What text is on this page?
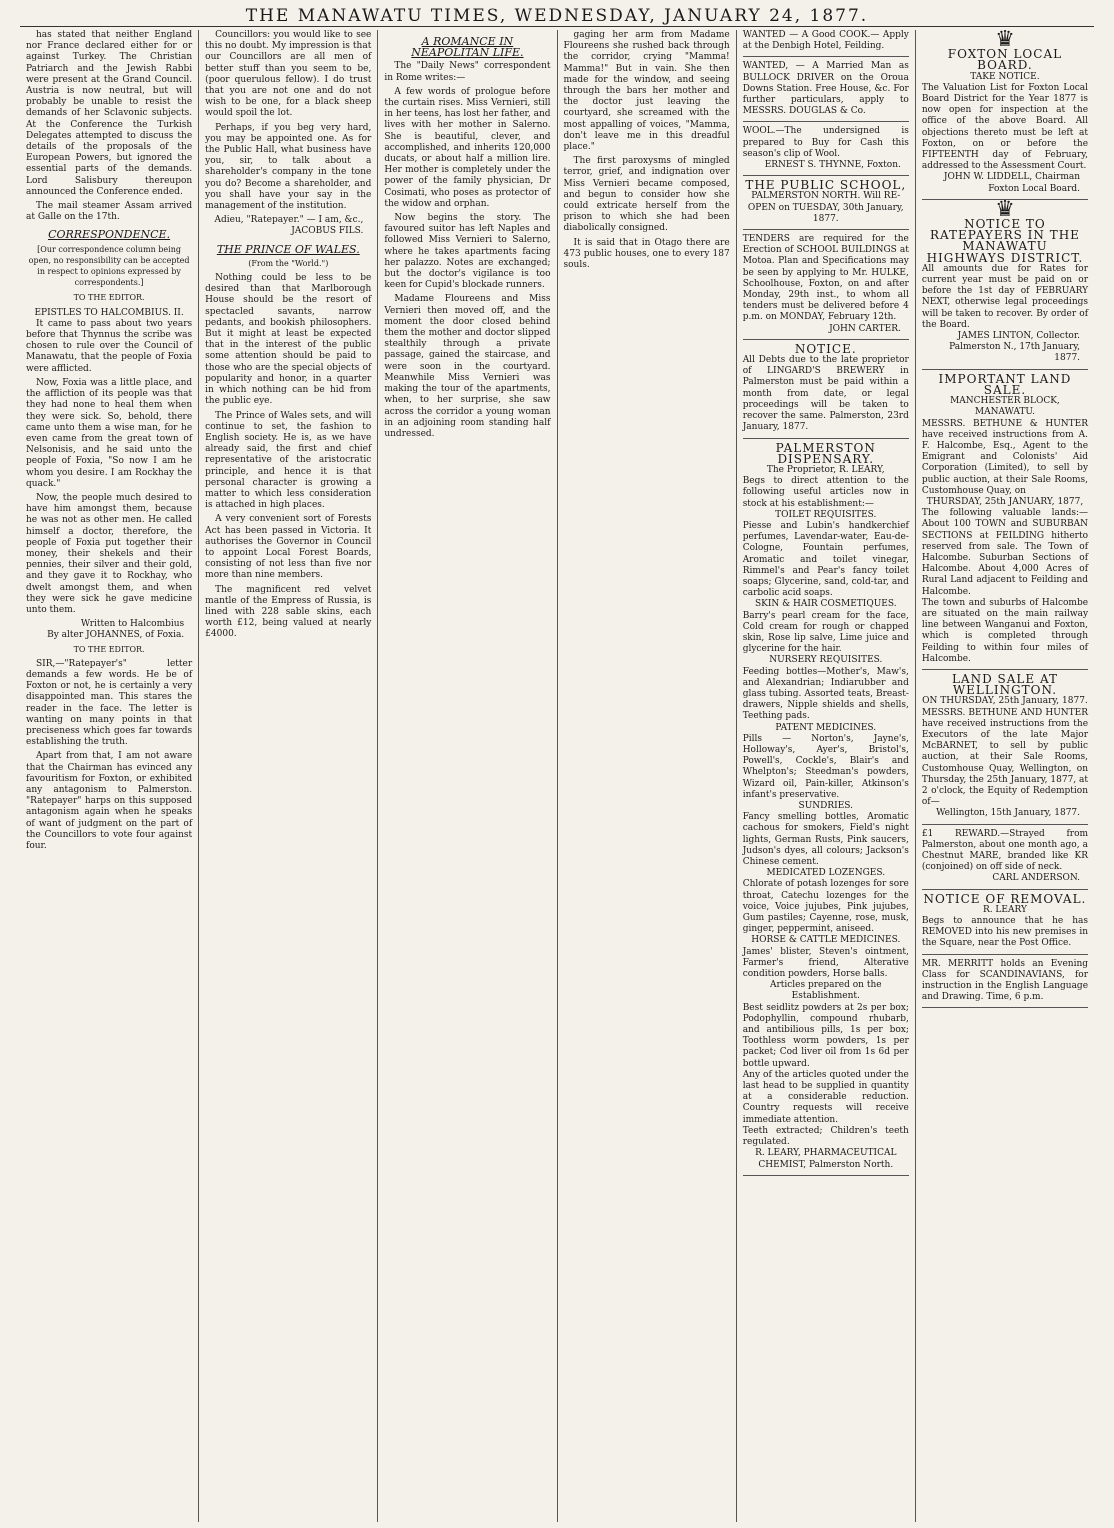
THE MANAWATU TIMES, WEDNESDAY, JANUARY 24, 1877.

has stated that neither England nor France declared either for or against Turkey. The Christian Patriarch and the Jewish Rabbi were present at the Grand Council. Austria is now neutral, but will probably be unable to resist the demands of her Sclavonic subjects. At the Conference the Turkish Delegates attempted to discuss the details of the proposals of the European Powers, but ignored the essential parts of the demands. Lord Salisbury thereupon announced the Conference ended.

The mail steamer Assam arrived at Galle on the 17th.

CORRESPONDENCE.
[Our correspondence column being open, no responsibility can be accepted in respect to opinions expressed by correspondents.]
TO THE EDITOR.
EPISTLES TO HALCOMBIUS. II.

It came to pass about two years before that Thynnus the scribe was chosen to rule over the Council of Manawatu, that the people of Foxia were afflicted.

Now, Foxia was a little place, and the affliction of its people was that they had none to heal them when they were sick. So, behold, there came unto them a wise man, for he even came from the great town of Nelsonisis, and he said unto the people of Foxia, "So now I am he whom you desire. I am Rockhay the quack."

Now, the people much desired to have him amongst them, because he was not as other men. He called himself a doctor, therefore, the people of Foxia put together their money, their shekels and their pennies, their silver and their gold, and they gave it to Rockhay, who dwelt amongst them, and when they were sick he gave medicine unto them.

Written to Halcombius
By alter JOHANNES, of Foxia.
TO THE EDITOR.

SIR,—"Ratepayer's" letter demands a few words. He be of Foxton or not, he is certainly a very disappointed man. This stares the reader in the face. The letter is wanting on many points in that preciseness which goes far towards establishing the truth.

Apart from that, I am not aware that the Chairman has evinced any favouritism for Foxton, or exhibited any antagonism to Palmerston. "Ratepayer" harps on this supposed antagonism again when he speaks of want of judgment on the part of the Councillors to vote four against four.

Councillors: you would like to see this no doubt. My impression is that our Councillors are all men of better stuff than you seem to be, (poor querulous fellow). I do trust that you are not one and do not wish to be one, for a black sheep would spoil the lot.

Perhaps, if you beg very hard, you may be appointed one. As for the Public Hall, what business have you, sir, to talk about a shareholder's company in the tone you do? Become a shareholder, and you shall have your say in the management of the institution.

Adieu, "Ratepayer." — I am, &c., JACOBUS FILS.
THE PRINCE OF WALES.
(From the "World.")

Nothing could be less to be desired than that Marlborough House should be the resort of spectacled savants, narrow pedants, and bookish philosophers. But it might at least be expected that in the interest of the public some attention should be paid to those who are the special objects of popularity and honor, in a quarter in which nothing can be hid from the public eye.

The Prince of Wales sets, and will continue to set, the fashion to English society. He is, as we have already said, the first and chief representative of the aristocratic principle, and hence it is that personal character is growing a matter to which less consideration is attached in high places.

A very convenient sort of Forests Act has been passed in Victoria. It authorises the Governor in Council to appoint Local Forest Boards, consisting of not less than five nor more than nine members.

The magnificent red velvet mantle of the Empress of Russia, is lined with 228 sable skins, each worth £12, being valued at nearly £4000.

A ROMANCE IN NEAPOLITAN LIFE.

The "Daily News" correspondent in Rome writes:—

A few words of prologue before the curtain rises. Miss Vernieri, still in her teens, has lost her father, and lives with her mother in Salerno. She is beautiful, clever, and accomplished, and inherits 120,000 ducats, or about half a million lire. Her mother is completely under the power of the family physician, Dr Cosimati, who poses as protector of the widow and orphan.

Now begins the story. The favoured suitor has left Naples and followed Miss Vernieri to Salerno, where he takes apartments facing her palazzo. Notes are exchanged; but the doctor's vigilance is too keen for Cupid's blockade runners.

Madame Floureens and Miss Vernieri then moved off, and the moment the door closed behind them the mother and doctor slipped stealthily through a private passage, gained the staircase, and were soon in the courtyard. Meanwhile Miss Vernieri was making the tour of the apartments, when, to her surprise, she saw across the corridor a young woman in an adjoining room standing half undressed.

gaging her arm from Madame Floureens she rushed back through the corridor, crying "Mamma! Mamma!" But in vain. She then made for the window, and seeing through the bars her mother and the doctor just leaving the courtyard, she screamed with the most appalling of voices, "Mamma, don't leave me in this dreadful place."

The first paroxysms of mingled terror, grief, and indignation over Miss Vernieri became composed, and begun to consider how she could extricate herself from the prison to which she had been diabolically consigned.

It is said that in Otago there are 473 public houses, one to every 187 souls.

WANTED — A Good COOK.— Apply at the Denbigh Hotel, Feilding.
WANTED, — A Married Man as BULLOCK DRIVER on the Oroua Downs Station. Free House, &c. For further particulars, apply to MESSRS. DOUGLAS & Co.
WOOL.—The undersigned is prepared to Buy for Cash this season's clip of Wool.
ERNEST S. THYNNE, Foxton.
THE PUBLIC SCHOOL,
PALMERSTON NORTH. Will RE-OPEN on TUESDAY, 30th January, 1877.
TENDERS are required for the Erection of SCHOOL BUILDINGS at Motoa. Plan and Specifications may be seen by applying to Mr. HULKE, Schoolhouse, Foxton, on and after Monday, 29th inst., to whom all tenders must be delivered before 4 p.m. on MONDAY, February 12th.
JOHN CARTER.
NOTICE.
All Debts due to the late proprietor of LINGARD'S BREWERY in Palmerston must be paid within a month from date, or legal proceedings will be taken to recover the same. Palmerston, 23rd January, 1877.
PALMERSTON DISPENSARY.
The Proprietor, R. LEARY,
Begs to direct attention to the following useful articles now in stock at his establishment:—
TOILET REQUISITES.
Piesse and Lubin's handkerchief perfumes, Lavendar-water, Eau-de-Cologne, Fountain perfumes, Aromatic and toilet vinegar, Rimmel's and Pear's fancy toilet soaps; Glycerine, sand, cold-tar, and carbolic acid soaps.
SKIN & HAIR COSMETIQUES.
Barry's pearl cream for the face, Cold cream for rough or chapped skin, Rose lip salve, Lime juice and glycerine for the hair.
NURSERY REQUISITES.
Feeding bottles—Mother's, Maw's, and Alexandrian; Indiarubber and glass tubing. Assorted teats, Breast-drawers, Nipple shields and shells, Teething pads.
PATENT MEDICINES.
Pills — Norton's, Jayne's, Holloway's, Ayer's, Bristol's, Powell's, Cockle's, Blair's and Whelpton's; Steedman's powders, Wizard oil, Pain-killer, Atkinson's infant's preservative.
SUNDRIES.
Fancy smelling bottles, Aromatic cachous for smokers, Field's night lights, German Rusts, Pink saucers, Judson's dyes, all colours; Jackson's Chinese cement.
MEDICATED LOZENGES.
Chlorate of potash lozenges for sore throat, Catechu lozenges for the voice, Voice jujubes, Pink jujubes, Gum pastiles; Cayenne, rose, musk, ginger, peppermint, aniseed.
HORSE & CATTLE MEDICINES.
James' blister, Steven's ointment, Farmer's friend, Alterative condition powders, Horse balls.
Articles prepared on the Establishment.
Best seidlitz powders at 2s per box; Podophyllin, compound rhubarb, and antibilious pills, 1s per box; Toothless worm powders, 1s per packet; Cod liver oil from 1s 6d per bottle upward.
Any of the articles quoted under the last head to be supplied in quantity at a considerable reduction. Country requests will receive immediate attention.
Teeth extracted; Children's teeth regulated.
R. LEARY, PHARMACEUTICAL CHEMIST, Palmerston North.
♛
FOXTON LOCAL BOARD.
TAKE NOTICE.
The Valuation List for Foxton Local Board District for the Year 1877 is now open for inspection at the office of the above Board. All objections thereto must be left at Foxton, on or before the FIFTEENTH day of February, addressed to the Assessment Court.
JOHN W. LIDDELL, Chairman Foxton Local Board.
♛
NOTICE TO RATEPAYERS IN THE MANAWATU HIGHWAYS DISTRICT.
All amounts due for Rates for current year must be paid on or before the 1st day of FEBRUARY NEXT, otherwise legal proceedings will be taken to recover. By order of the Board.
JAMES LINTON, Collector. Palmerston N., 17th January, 1877.
IMPORTANT LAND SALE.
MANCHESTER BLOCK, MANAWATU.
MESSRS. BETHUNE & HUNTER have received instructions from A. F. Halcombe, Esq., Agent to the Emigrant and Colonists' Aid Corporation (Limited), to sell by public auction, at their Sale Rooms, Customhouse Quay, on
THURSDAY, 25th JANUARY, 1877,
The following valuable lands:— About 100 TOWN and SUBURBAN SECTIONS at FEILDING hitherto reserved from sale. The Town of Halcombe. Suburban Sections of Halcombe. About 4,000 Acres of Rural Land adjacent to Feilding and Halcombe.
The town and suburbs of Halcombe are situated on the main railway line between Wanganui and Foxton, which is completed through Feilding to within four miles of Halcombe.
LAND SALE AT WELLINGTON.
ON THURSDAY, 25th January, 1877.
MESSRS. BETHUNE AND HUNTER have received instructions from the Executors of the late Major McBARNET, to sell by public auction, at their Sale Rooms, Customhouse Quay, Wellington, on Thursday, the 25th January, 1877, at 2 o'clock, the Equity of Redemption of—
Wellington, 15th January, 1877.
£1 REWARD.—Strayed from Palmerston, about one month ago, a Chestnut MARE, branded like KR (conjoined) on off side of neck.
CARL ANDERSON.
NOTICE OF REMOVAL.
R. LEARY
Begs to announce that he has REMOVED into his new premises in the Square, near the Post Office.
MR. MERRITT holds an Evening Class for SCANDINAVIANS, for instruction in the English Language and Drawing. Time, 6 p.m.
